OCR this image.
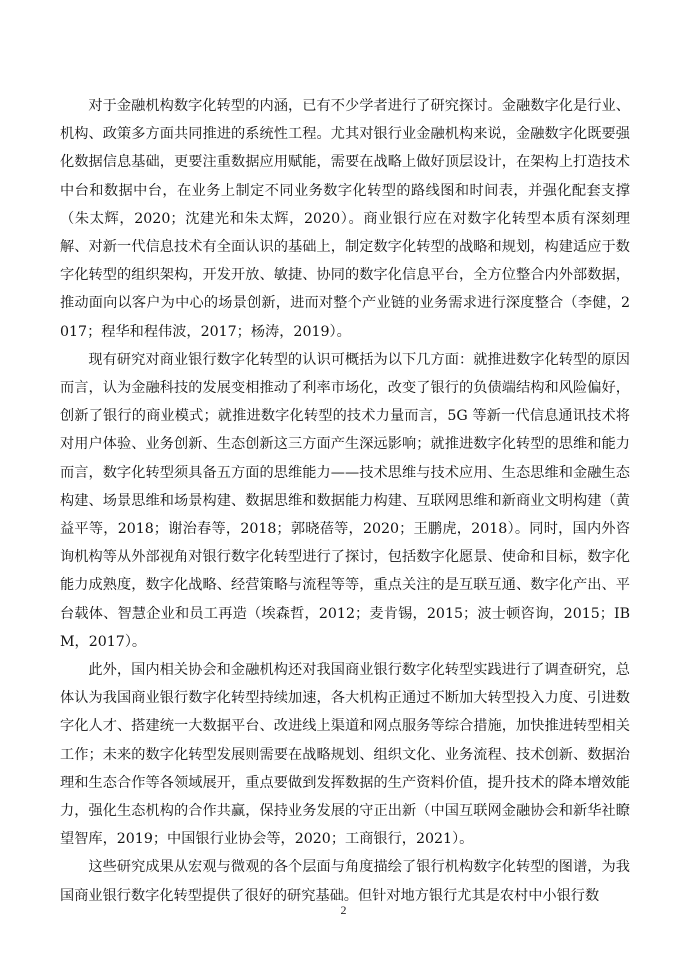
对于金融机构数字化转型的内涵，已有不少学者进行了研究探讨。金融数字化是行业、机构、政策多方面共同推进的系统性工程。尤其对银行业金融机构来说，金融数字化既要强化数据信息基础，更要注重数据应用赋能，需要在战略上做好顶层设计，在架构上打造技术中台和数据中台，在业务上制定不同业务数字化转型的路线图和时间表，并强化配套支撑（朱太辉，2020；沈建光和朱太辉，2020）。商业银行应在对数字化转型本质有深刻理解、对新一代信息技术有全面认识的基础上，制定数字化转型的战略和规划，构建适应于数字化转型的组织架构，开发开放、敏捷、协同的数字化信息平台，全方位整合内外部数据，推动面向以客户为中心的场景创新，进而对整个产业链的业务需求进行深度整合（李健，2017；程华和程伟波，2017；杨涛，2019）。

现有研究对商业银行数字化转型的认识可概括为以下几方面：就推进数字化转型的原因而言，认为金融科技的发展变相推动了利率市场化，改变了银行的负债端结构和风险偏好，创新了银行的商业模式；就推进数字化转型的技术力量而言，5G 等新一代信息通讯技术将对用户体验、业务创新、生态创新这三方面产生深远影响；就推进数字化转型的思维和能力而言，数字化转型须具备五方面的思维能力——技术思维与技术应用、生态思维和金融生态构建、场景思维和场景构建、数据思维和数据能力构建、互联网思维和新商业文明构建（黄益平等，2018；谢治春等，2018；郭晓蓓等，2020；王鹏虎，2018）。同时，国内外咨询机构等从外部视角对银行数字化转型进行了探讨，包括数字化愿景、使命和目标，数字化能力成熟度，数字化战略、经营策略与流程等等，重点关注的是互联互通、数字化产出、平台载体、智慧企业和员工再造（埃森哲，2012；麦肯锡，2015；波士顿咨询，2015；IBM，2017）。

此外，国内相关协会和金融机构还对我国商业银行数字化转型实践进行了调查研究，总体认为我国商业银行数字化转型持续加速，各大机构正通过不断加大转型投入力度、引进数字化人才、搭建统一大数据平台、改进线上渠道和网点服务等综合措施，加快推进转型相关工作；未来的数字化转型发展则需要在战略规划、组织文化、业务流程、技术创新、数据治理和生态合作等各领域展开，重点要做到发挥数据的生产资料价值，提升技术的降本增效能力，强化生态机构的合作共赢，保持业务发展的守正出新（中国互联网金融协会和新华社瞭望智库，2019；中国银行业协会等，2020；工商银行，2021）。

这些研究成果从宏观与微观的各个层面与角度描绘了银行机构数字化转型的图谱，为我国商业银行数字化转型提供了很好的研究基础。但针对地方银行尤其是农村中小银行数

2
